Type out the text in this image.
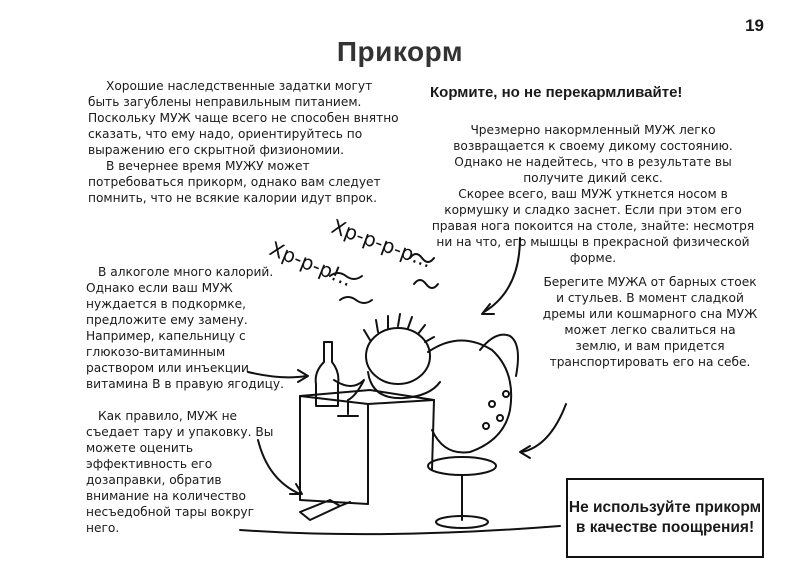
19
Прикорм

Хорошие наследственные задатки могут быть загублены неправильным питанием. Поскольку МУЖ чаще всего не способен внятно сказать, что ему надо, ориентируйтесь по выражению его скрытной физиономии.

В вечернее время МУЖУ может потребоваться прикорм, однако вам следует помнить, что не всякие калории идут впрок.

Кормите, но не перекармливайте!

Чрезмерно накормленный МУЖ легко возвращается к своему дикому состоянию. Однако не надейтесь, что в результате вы получите дикий секс.

Скорее всего, ваш МУЖ уткнется носом в кормушку и сладко заснет. Если при этом его правая нога покоится на столе, знайте: несмотря ни на что, его мышцы в прекрасной физической форме.

В алкоголе много калорий. Однако если ваш МУЖ нуждается в подкормке, предложите ему замену. Например, капельницу с глюкозо-витаминным раствором или инъекции витамина В в правую ягодицу.

Берегите МУЖА от барных стоек и стульев. В момент сладкой дремы или кошмарного сна МУЖ может легко свалиться на землю, и вам придется транспортировать его на себе.

Как правило, МУЖ не съедает тару и упаковку. Вы можете оценить эффективность его дозаправки, обратив внимание на количество несъедобной тары вокруг него.

Не используйте прикорм в качестве поощрения!
Хр-р-р-р...
Хр-р-р!..
